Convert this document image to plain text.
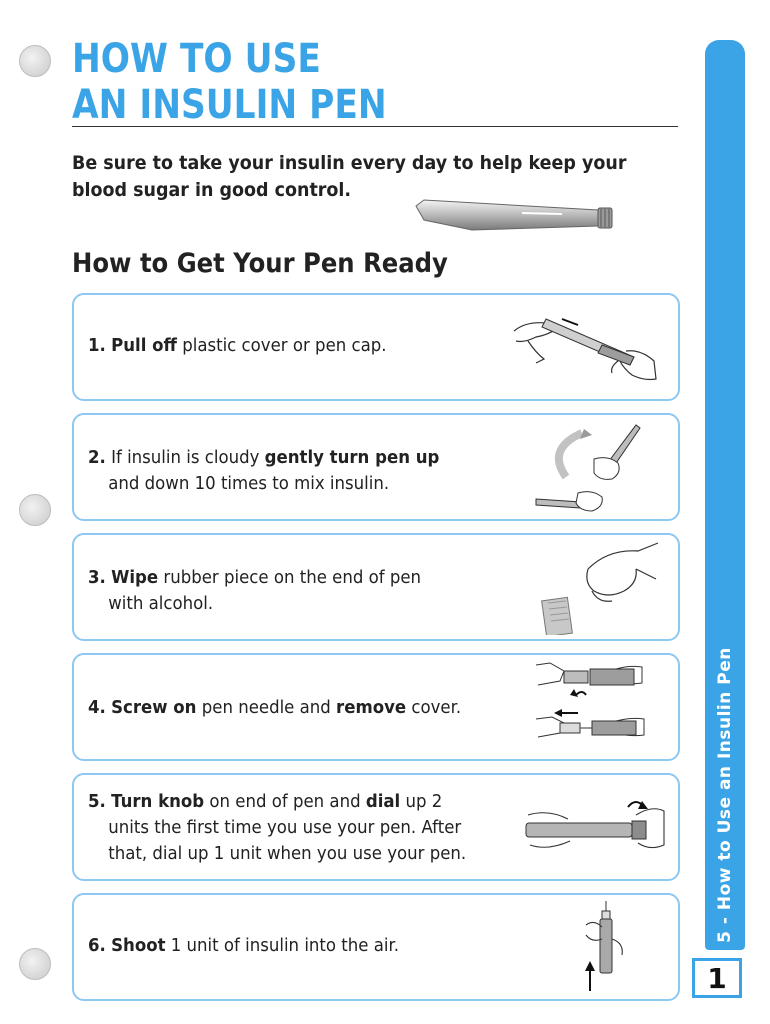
HOW TO USE
AN INSULIN PEN
Be sure to take your insulin every day to help keep your
blood sugar in good control.
How to Get Your Pen Ready
1. Pull off plastic cover or pen cap.
2. If insulin is cloudy gently turn pen up
and down 10 times to mix insulin.
3. Wipe rubber piece on the end of pen
with alcohol.
4. Screw on pen needle and remove cover.
5. Turn knob on end of pen and dial up 2
units the first time you use your pen. After
that, dial up 1 unit when you use your pen.
6. Shoot 1 unit of insulin into the air.
5 - How to Use an Insulin Pen
1
